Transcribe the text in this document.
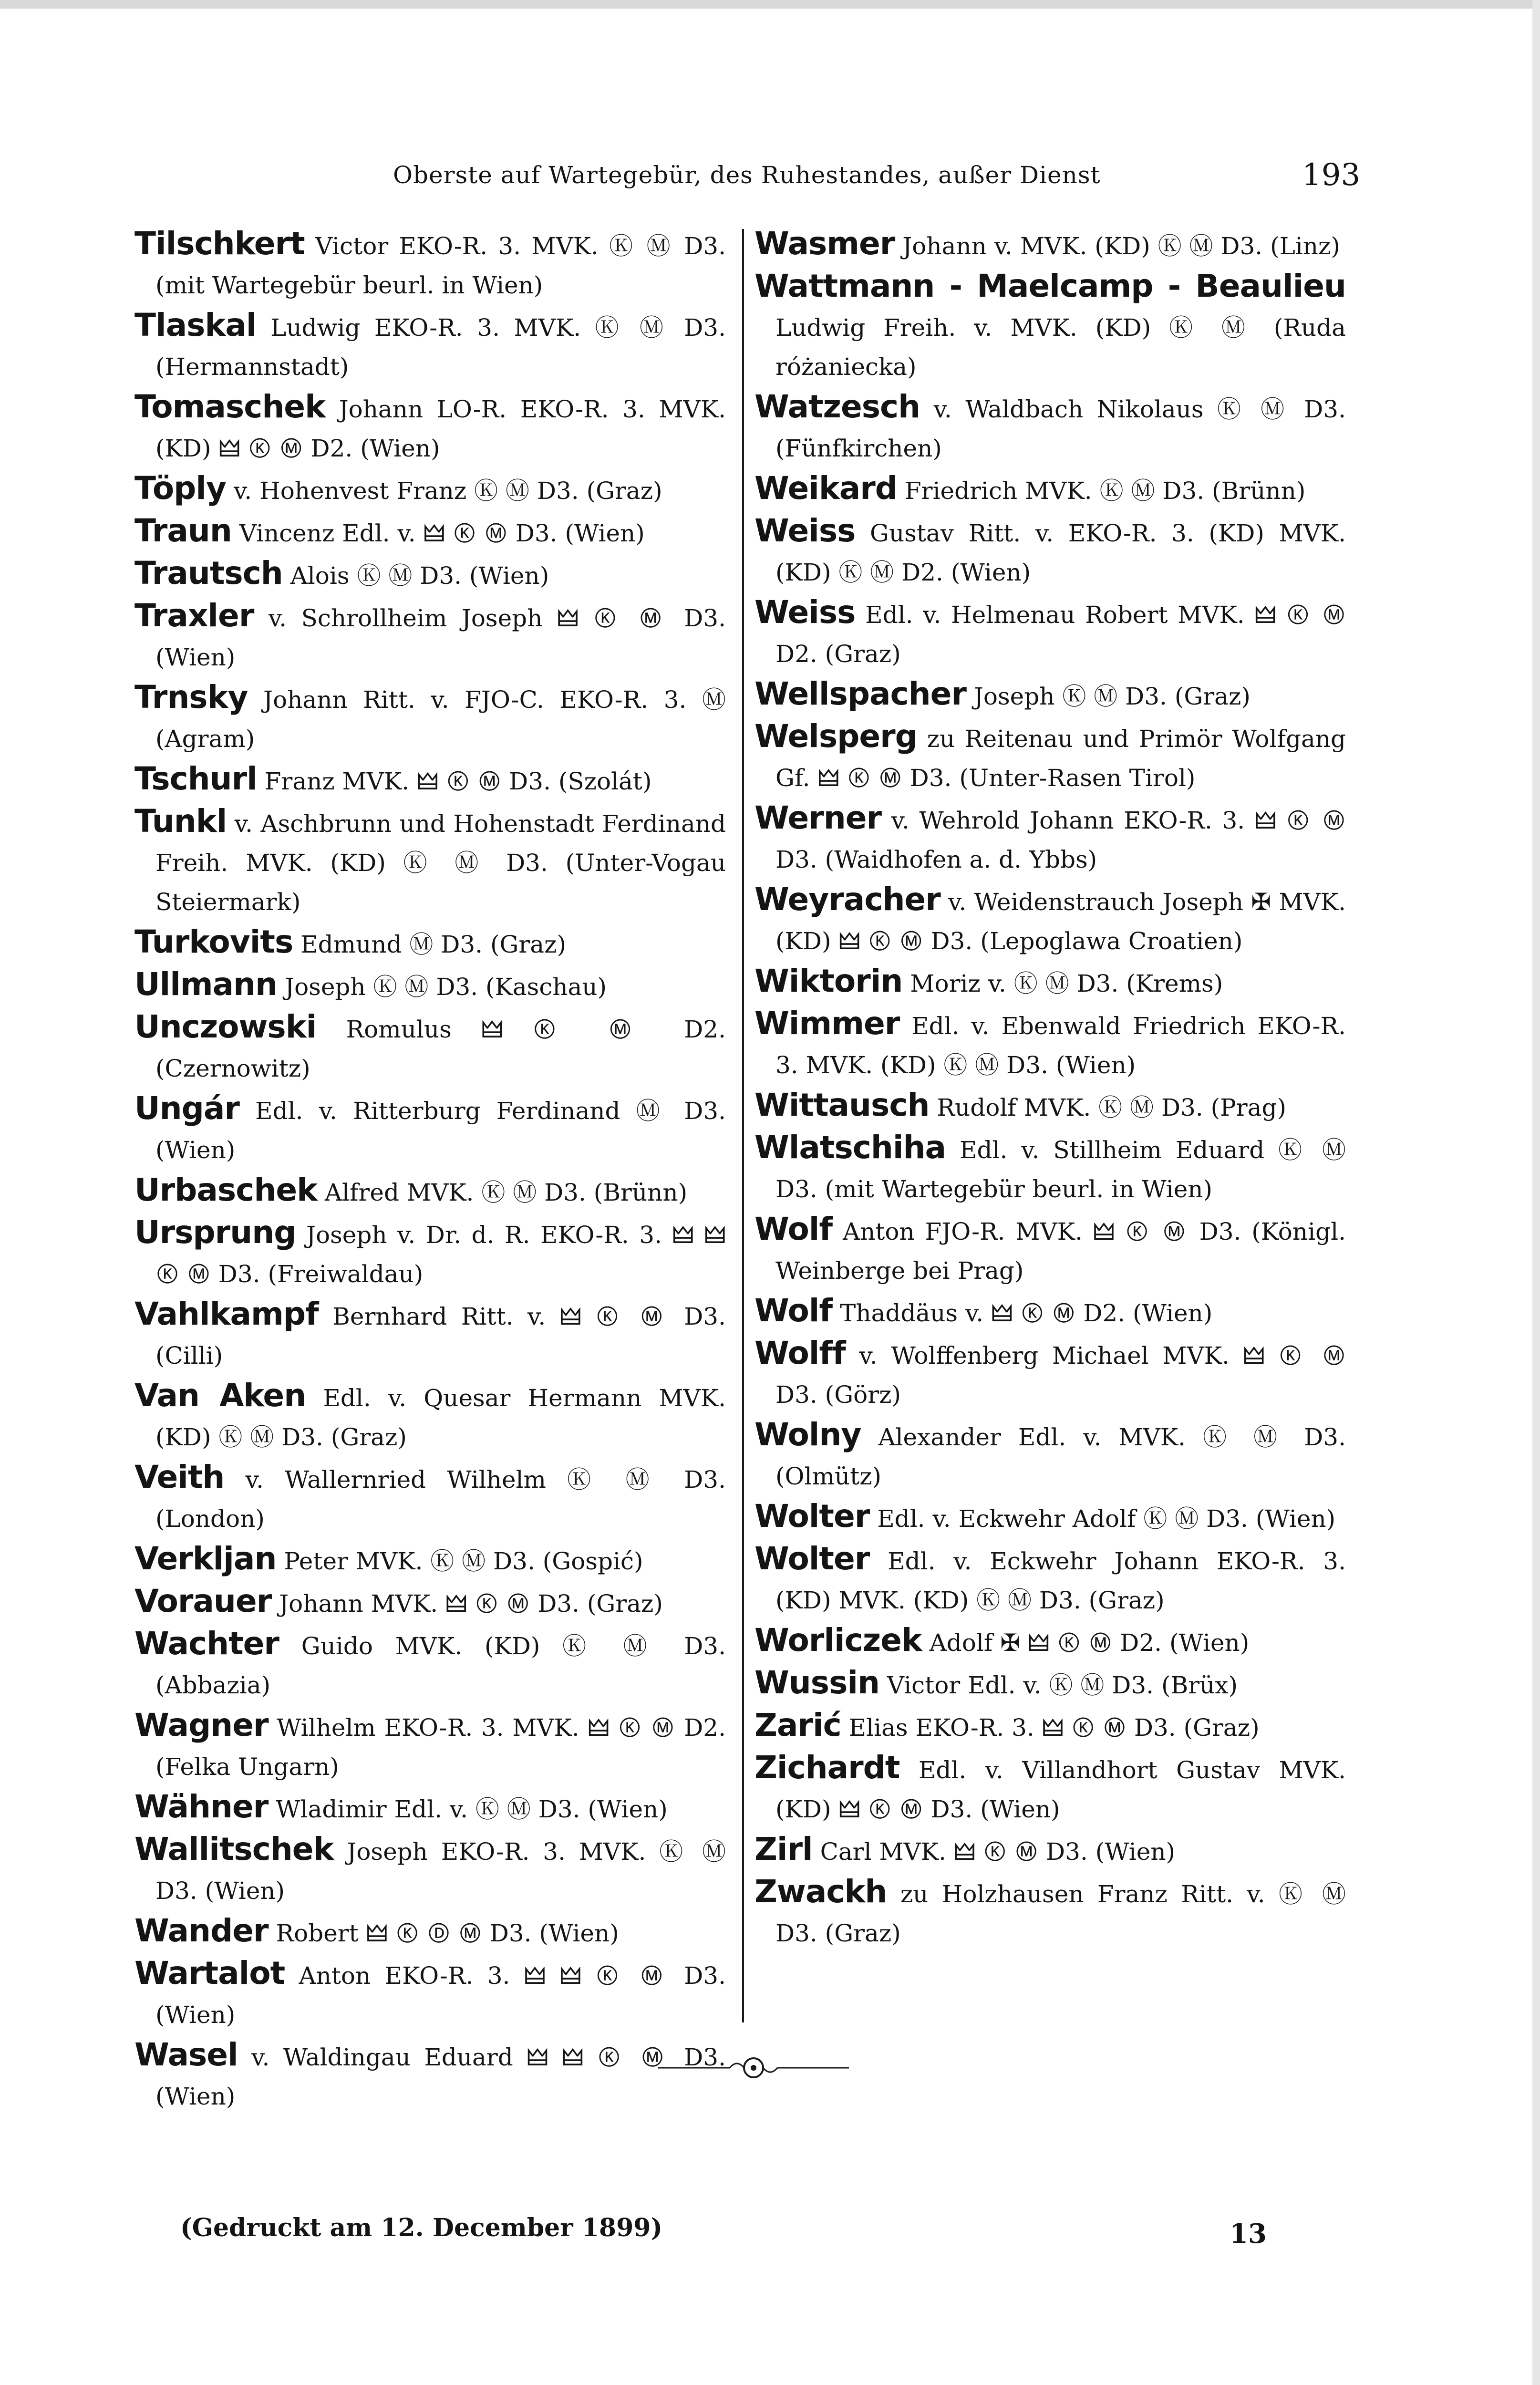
Oberste auf Wartegebür, des Ruhestandes, außer Dienst	193

Tilschkert Victor EKO-R. 3. MVK. Ⓚ Ⓜ D3. (mit Wartegebür beurl. in Wien)

Tlaskal Ludwig EKO-R. 3. MVK. Ⓚ Ⓜ D3. (Hermannstadt)

Tomaschek Johann LO-R. EKO-R. 3. MVK. (KD) 🜲 Ⓚ Ⓜ D2. (Wien)

Töply v. Hohenvest Franz Ⓚ Ⓜ D3. (Graz)

Traun Vincenz Edl. v. 🜲 Ⓚ Ⓜ D3. (Wien)

Trautsch Alois Ⓚ Ⓜ D3. (Wien)

Traxler v. Schrollheim Joseph 🜲 Ⓚ Ⓜ D3. (Wien)

Trnsky Johann Ritt. v. FJO-C. EKO-R. 3. Ⓜ (Agram)

Tschurl Franz MVK. 🜲 Ⓚ Ⓜ D3. (Szolát)

Tunkl v. Aschbrunn und Hohenstadt Ferdinand Freih. MVK. (KD) Ⓚ Ⓜ D3. (Unter-Vogau Steiermark)

Turkovits Edmund Ⓜ D3. (Graz)

Ullmann Joseph Ⓚ Ⓜ D3. (Kaschau)

Unczowski Romulus 🜲 Ⓚ Ⓜ D2. (Czernowitz)

Ungár Edl. v. Ritterburg Ferdinand Ⓜ D3. (Wien)

Urbaschek Alfred MVK. Ⓚ Ⓜ D3. (Brünn)

Ursprung Joseph v. Dr. d. R. EKO-R. 3. 🜲 🜲 Ⓚ Ⓜ D3. (Freiwaldau)

Vahlkampf Bernhard Ritt. v. 🜲 Ⓚ Ⓜ D3. (Cilli)

Van Aken Edl. v. Quesar Hermann MVK. (KD) Ⓚ Ⓜ D3. (Graz)

Veith v. Wallernried Wilhelm Ⓚ Ⓜ D3. (London)

Verkljan Peter MVK. Ⓚ Ⓜ D3. (Gospić)

Vorauer Johann MVK. 🜲 Ⓚ Ⓜ D3. (Graz)

Wachter Guido MVK. (KD) Ⓚ Ⓜ D3. (Abbazia)

Wagner Wilhelm EKO-R. 3. MVK. 🜲 Ⓚ Ⓜ D2. (Felka Ungarn)

Wähner Wladimir Edl. v. Ⓚ Ⓜ D3. (Wien)

Wallitschek Joseph EKO-R. 3. MVK. Ⓚ Ⓜ D3. (Wien)

Wander Robert 🜲 Ⓚ Ⓓ Ⓜ D3. (Wien)

Wartalot Anton EKO-R. 3. 🜲 🜲 Ⓚ Ⓜ D3. (Wien)

Wasel v. Waldingau Eduard 🜲 🜲 Ⓚ Ⓜ D3. (Wien)

Wasmer Johann v. MVK. (KD) Ⓚ Ⓜ D3. (Linz)

Wattmann - Maelcamp - Beaulieu Ludwig Freih. v. MVK. (KD) Ⓚ Ⓜ (Ruda różaniecka)

Watzesch v. Waldbach Nikolaus Ⓚ Ⓜ D3. (Fünfkirchen)

Weikard Friedrich MVK. Ⓚ Ⓜ D3. (Brünn)

Weiss Gustav Ritt. v. EKO-R. 3. (KD) MVK. (KD) Ⓚ Ⓜ D2. (Wien)

Weiss Edl. v. Helmenau Robert MVK. 🜲 Ⓚ Ⓜ D2. (Graz)

Wellspacher Joseph Ⓚ Ⓜ D3. (Graz)

Welsperg zu Reitenau und Primör Wolfgang Gf. 🜲 Ⓚ Ⓜ D3. (Unter-Rasen Tirol)

Werner v. Wehrold Johann EKO-R. 3. 🜲 Ⓚ Ⓜ D3. (Waidhofen a. d. Ybbs)

Weyracher v. Weidenstrauch Joseph ✠ MVK. (KD) 🜲 Ⓚ Ⓜ D3. (Lepoglawa Croatien)

Wiktorin Moriz v. Ⓚ Ⓜ D3. (Krems)

Wimmer Edl. v. Ebenwald Friedrich EKO-R. 3. MVK. (KD) Ⓚ Ⓜ D3. (Wien)

Wittausch Rudolf MVK. Ⓚ Ⓜ D3. (Prag)

Wlatschiha Edl. v. Stillheim Eduard Ⓚ Ⓜ D3. (mit Wartegebür beurl. in Wien)

Wolf Anton FJO-R. MVK. 🜲 Ⓚ Ⓜ D3. (Königl. Weinberge bei Prag)

Wolf Thaddäus v. 🜲 Ⓚ Ⓜ D2. (Wien)

Wolff v. Wolffenberg Michael MVK. 🜲 Ⓚ Ⓜ D3. (Görz)

Wolny Alexander Edl. v. MVK. Ⓚ Ⓜ D3. (Olmütz)

Wolter Edl. v. Eckwehr Adolf Ⓚ Ⓜ D3. (Wien)

Wolter Edl. v. Eckwehr Johann EKO-R. 3. (KD) MVK. (KD) Ⓚ Ⓜ D3. (Graz)

Worliczek Adolf ✠ 🜲 Ⓚ Ⓜ D2. (Wien)

Wussin Victor Edl. v. Ⓚ Ⓜ D3. (Brüx)

Zarić Elias EKO-R. 3. 🜲 Ⓚ Ⓜ D3. (Graz)

Zichardt Edl. v. Villandhort Gustav MVK. (KD) 🜲 Ⓚ Ⓜ D3. (Wien)

Zirl Carl MVK. 🜲 Ⓚ Ⓜ D3. (Wien)

Zwackh zu Holzhausen Franz Ritt. v. Ⓚ Ⓜ D3. (Graz)

(Gedruckt am 12. December 1899)	13
